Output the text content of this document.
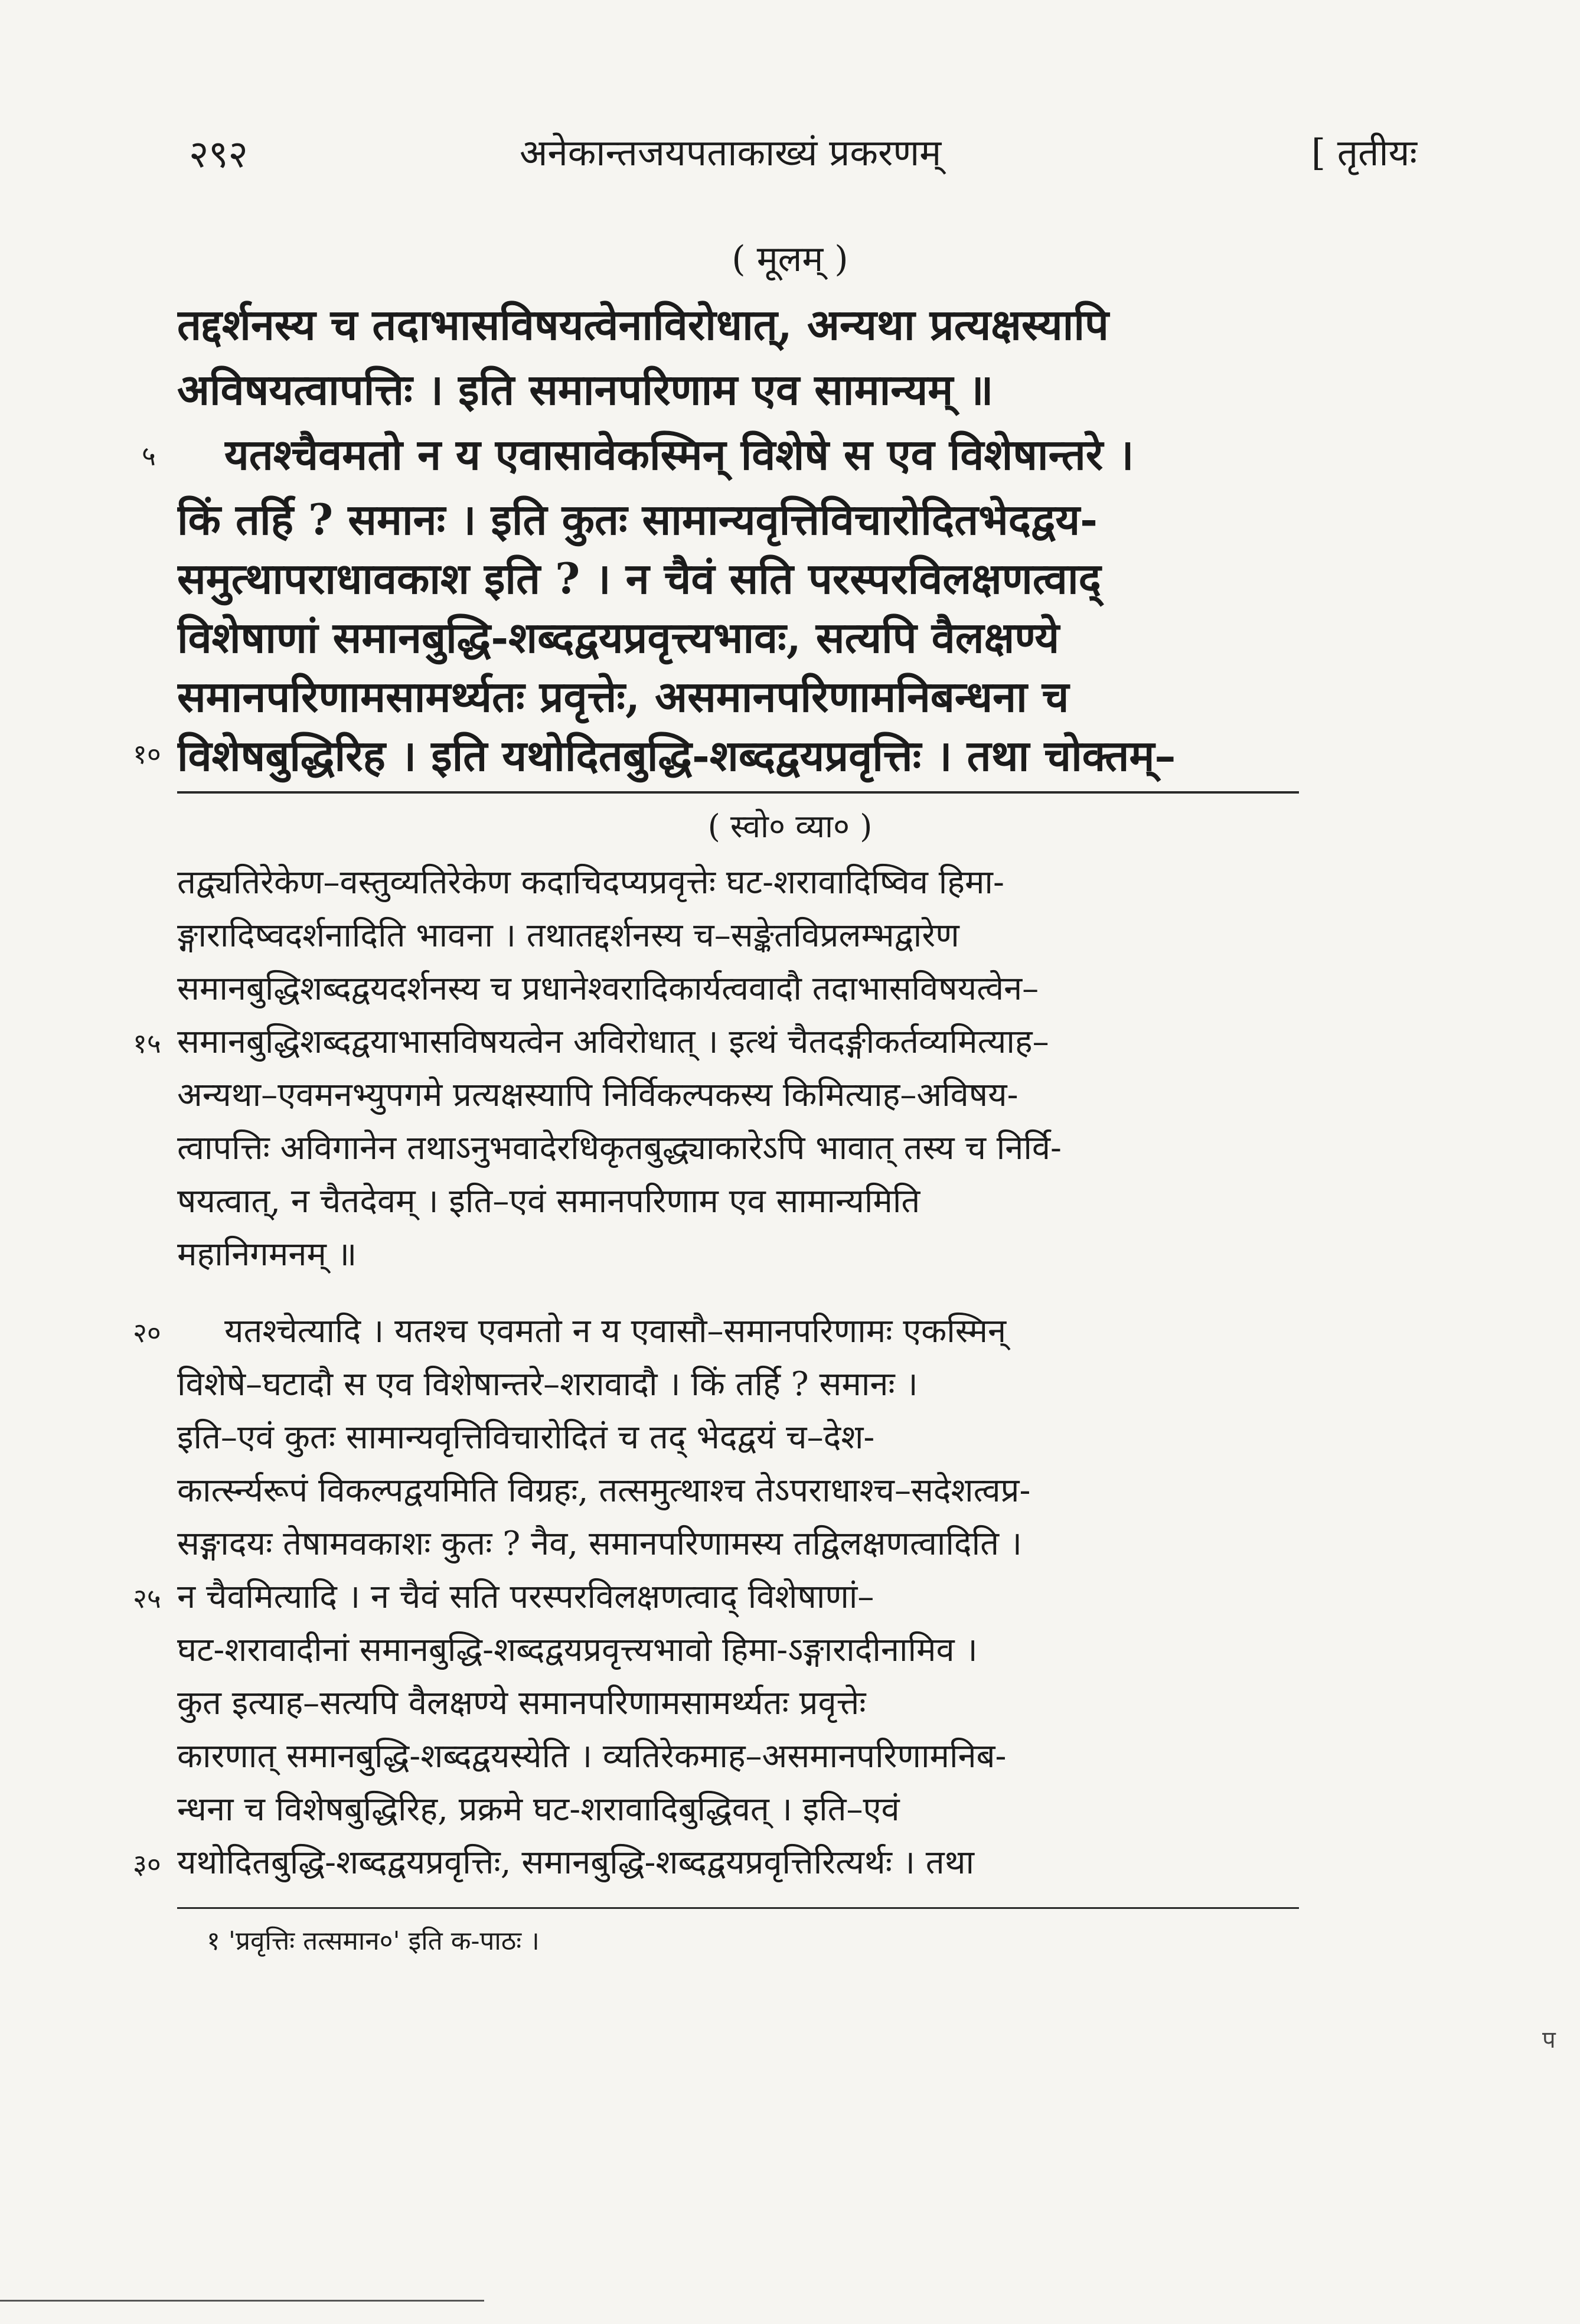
२९२	अनेकान्तजयपताकाख्यं प्रकरणम्	[ तृतीयः
( मूलम् )
तद्दर्शनस्य च तदाभासविषयत्वेनाविरोधात्, अन्यथा प्रत्यक्षस्यापि
अविषयत्वापत्तिः । इति समानपरिणाम एव सामान्यम् ॥
यतश्चैवमतो न य एवासावेकस्मिन् विशेषे स एव विशेषान्तरे ।
किं तर्हि ? समानः । इति कुतः सामान्यवृत्तिविचारोदितभेदद्वय-
समुत्थापराधावकाश इति ? । न चैवं सति परस्परविलक्षणत्वाद्
विशेषाणां समानबुद्धि-शब्दद्वयप्रवृत्त्यभावः, सत्यपि वैलक्षण्ये
समानपरिणामसामर्थ्यतः प्रवृत्तेः, असमानपरिणामनिबन्धना च
विशेषबुद्धिरिह । इति यथोदितबुद्धि-शब्दद्वयप्रवृत्तिः । तथा चोक्तम्–
( स्वो० व्या० )
तद्व्यतिरेकेण–वस्तुव्यतिरेकेण कदाचिदप्यप्रवृत्तेः घट-शरावादिष्विव हिमा-
ङ्गारादिष्वदर्शनादिति भावना । तथातद्दर्शनस्य च–सङ्केतविप्रलम्भद्वारेण
समानबुद्धिशब्दद्वयदर्शनस्य च प्रधानेश्वरादिकार्यत्ववादौ तदाभासविषयत्वेन–
समानबुद्धिशब्दद्वयाभासविषयत्वेन अविरोधात् । इत्थं चैतदङ्गीकर्तव्यमित्याह–
अन्यथा–एवमनभ्युपगमे प्रत्यक्षस्यापि निर्विकल्पकस्य किमित्याह–अविषय-
त्वापत्तिः अविगानेन तथाऽनुभवादेरधिकृतबुद्ध्याकारेऽपि भावात् तस्य च निर्वि-
षयत्वात्, न चैतदेवम् । इति–एवं समानपरिणाम एव सामान्यमिति
महानिगमनम् ॥
यतश्चेत्यादि । यतश्च एवमतो न य एवासौ–समानपरिणामः एकस्मिन्
विशेषे–घटादौ स एव विशेषान्तरे–शरावादौ । किं तर्हि ? समानः ।
इति–एवं कुतः सामान्यवृत्तिविचारोदितं च तद् भेदद्वयं च–देश-
कार्त्स्न्यरूपं विकल्पद्वयमिति विग्रहः, तत्समुत्थाश्च तेऽपराधाश्च–सदेशत्वप्र-
सङ्गादयः तेषामवकाशः कुतः ? नैव, समानपरिणामस्य तद्विलक्षणत्वादिति ।
न चैवमित्यादि । न चैवं सति परस्परविलक्षणत्वाद् विशेषाणां–
घट-शरावादीनां समानबुद्धि-शब्दद्वयप्रवृत्त्यभावो हिमा-ऽङ्गारादीनामिव ।
कुत इत्याह–सत्यपि वैलक्षण्ये समानपरिणामसामर्थ्यतः प्रवृत्तेः
कारणात् समानबुद्धि-शब्दद्वयस्येति । व्यतिरेकमाह–असमानपरिणामनिब-
न्धना च विशेषबुद्धिरिह, प्रक्रमे घट-शरावादिबुद्धिवत् । इति–एवं
यथोदितबुद्धि-शब्दद्वयप्रवृत्तिः, समानबुद्धि-शब्दद्वयप्रवृत्तिरित्यर्थः । तथा
५
१०
१५
२०
२५
३०
१ 'प्रवृत्तिः तत्समान०' इति क-पाठः ।
प
